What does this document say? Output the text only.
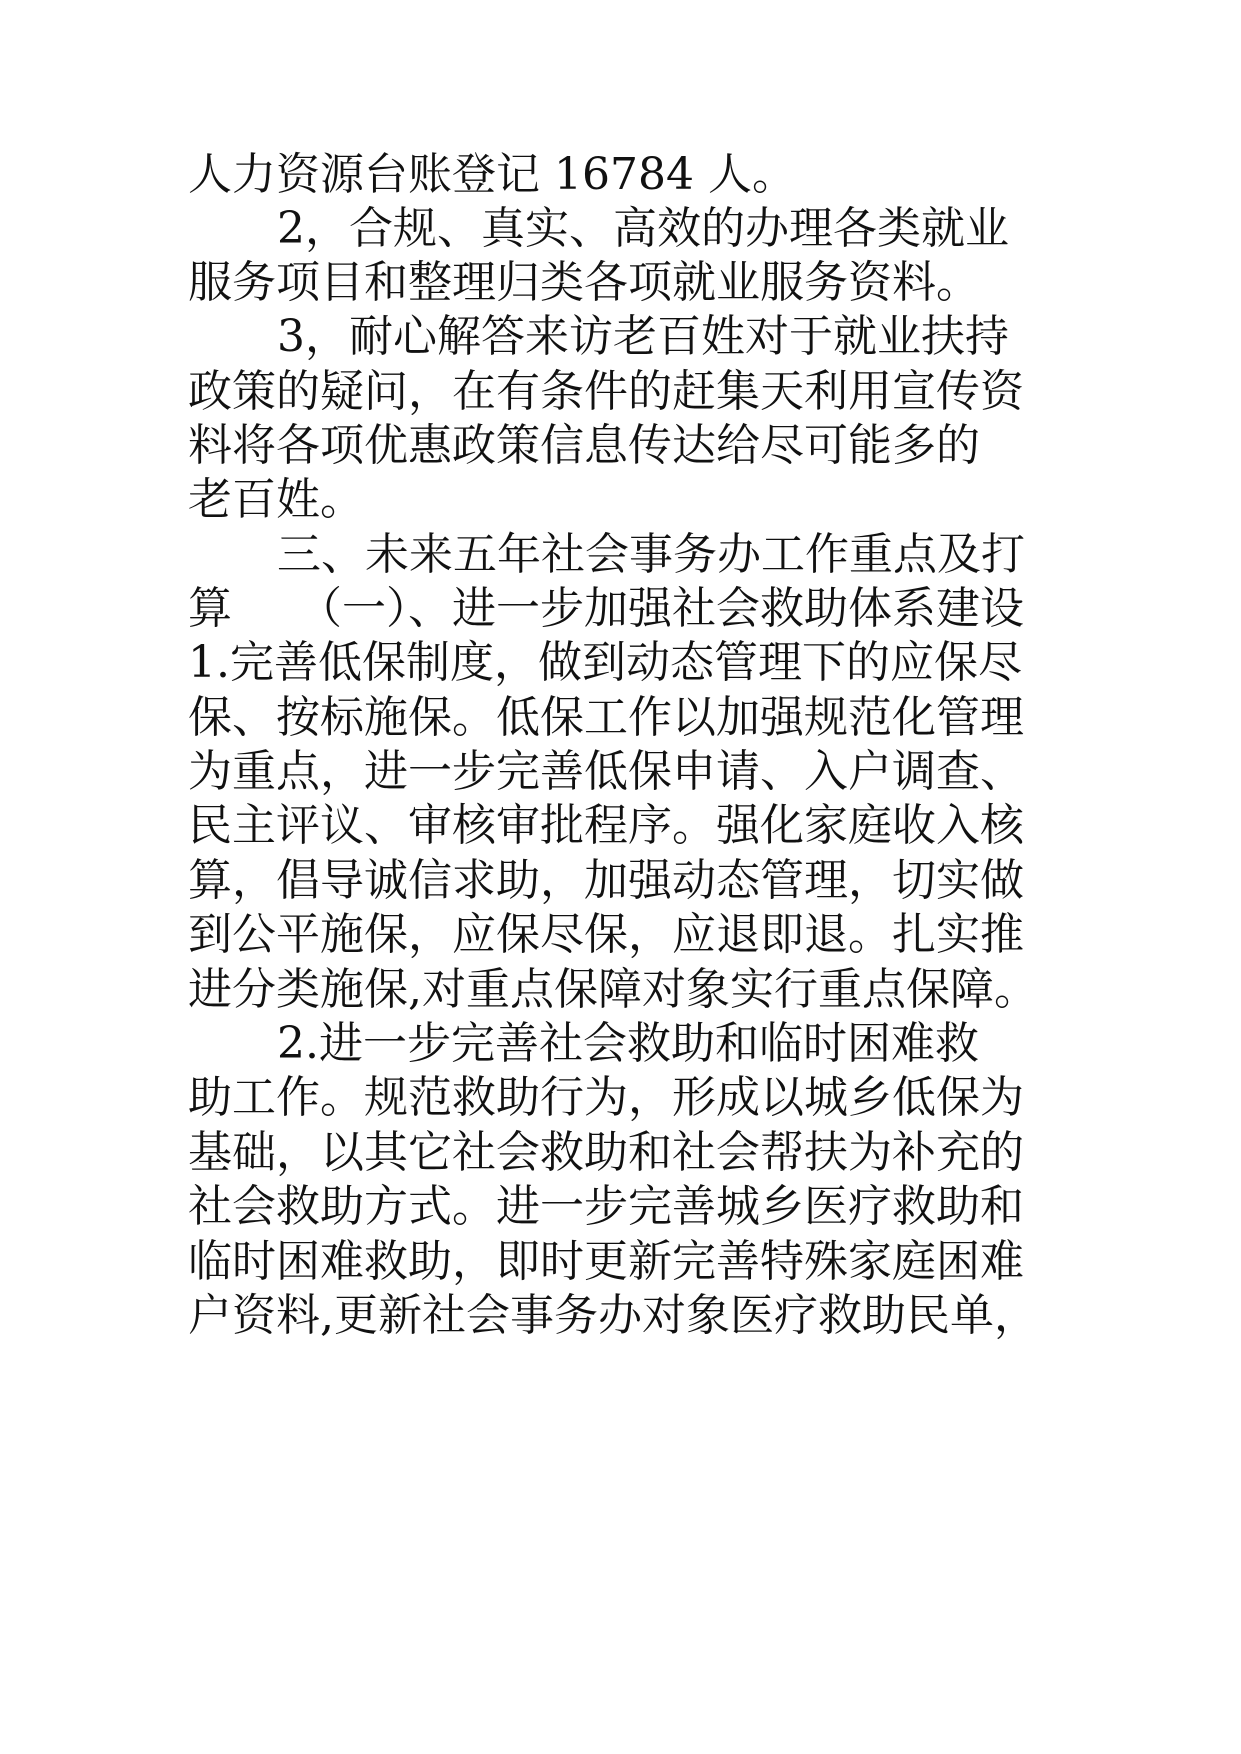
人力资源台账登记 16784 人。

2，合规、真实、高效的办理各类就业

服务项目和整理归类各项就业服务资料。

3，耐心解答来访老百姓对于就业扶持

政策的疑问，在有条件的赶集天利用宣传资

料将各项优惠政策信息传达给尽可能多的

老百姓。

三、未来五年社会事务办工作重点及打

算　　（一）、进一步加强社会救助体系建设

1.完善低保制度，做到动态管理下的应保尽

保、按标施保。低保工作以加强规范化管理

为重点，进一步完善低保申请、入户调查、

民主评议、审核审批程序。强化家庭收入核

算，倡导诚信求助，加强动态管理，切实做

到公平施保，应保尽保，应退即退。扎实推

进分类施保,对重点保障对象实行重点保障。

2.进一步完善社会救助和临时困难救

助工作。规范救助行为，形成以城乡低保为

基础，以其它社会救助和社会帮扶为补充的

社会救助方式。进一步完善城乡医疗救助和

临时困难救助，即时更新完善特殊家庭困难

户资料,更新社会事务办对象医疗救助民单，
